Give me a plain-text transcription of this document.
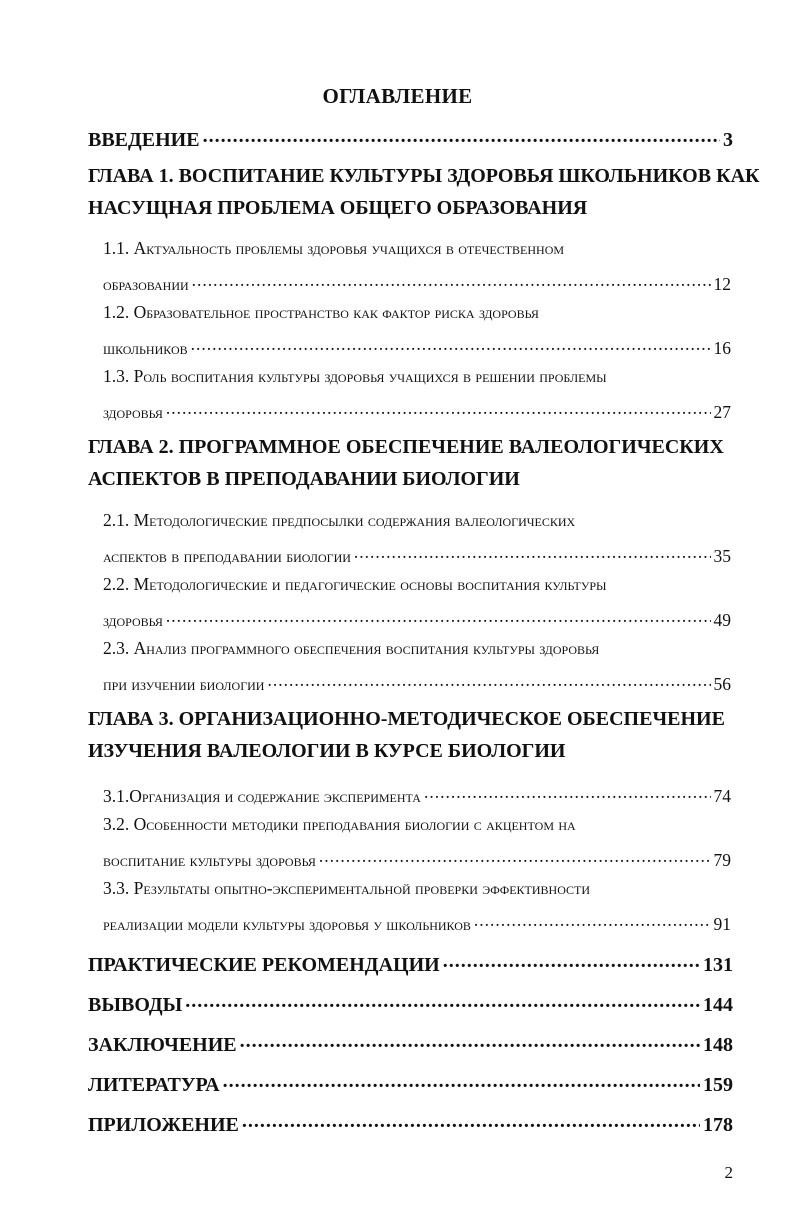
ОГЛАВЛЕНИЕ
ВВЕДЕНИЕ .....	3
ГЛАВА 1. ВОСПИТАНИЕ КУЛЬТУРЫ ЗДОРОВЬЯ ШКОЛЬНИКОВ КАК
НАСУЩНАЯ ПРОБЛЕМА ОБЩЕГО ОБРАЗОВАНИЯ
1.1. Актуальность проблемы здоровья учащихся в отечественном
образовании .....	12
1.2. Образовательное пространство как фактор риска здоровья
школьников .....	16
1.3. Роль воспитания культуры здоровья учащихся в решении проблемы
здоровья .....	27
ГЛАВА 2. ПРОГРАММНОЕ ОБЕСПЕЧЕНИЕ ВАЛЕОЛОГИЧЕСКИХ
АСПЕКТОВ В ПРЕПОДАВАНИИ БИОЛОГИИ
2.1. Методологические предпосылки содержания валеологических
аспектов в преподавании биологии .....	35
2.2. Методологические и педагогические основы воспитания культуры
здоровья .....	49
2.3. Анализ программного обеспечения воспитания культуры здоровья
при изучении биологии .....	56
ГЛАВА 3. ОРГАНИЗАЦИОННО-МЕТОДИЧЕСКОЕ ОБЕСПЕЧЕНИЕ
ИЗУЧЕНИЯ ВАЛЕОЛОГИИ В КУРСЕ БИОЛОГИИ
3.1.Организация и содержание эксперимента .....	74
3.2. Особенности методики преподавания биологии с акцентом на
воспитание культуры здоровья .....	79
3.3. Результаты опытно-экспериментальной проверки эффективности
реализации модели культуры здоровья у школьников .....	91
ПРАКТИЧЕСКИЕ РЕКОМЕНДАЦИИ .....	131
ВЫВОДЫ .....	144
ЗАКЛЮЧЕНИЕ .....	148
ЛИТЕРАТУРА .....	159
ПРИЛОЖЕНИЕ .....	178
2
